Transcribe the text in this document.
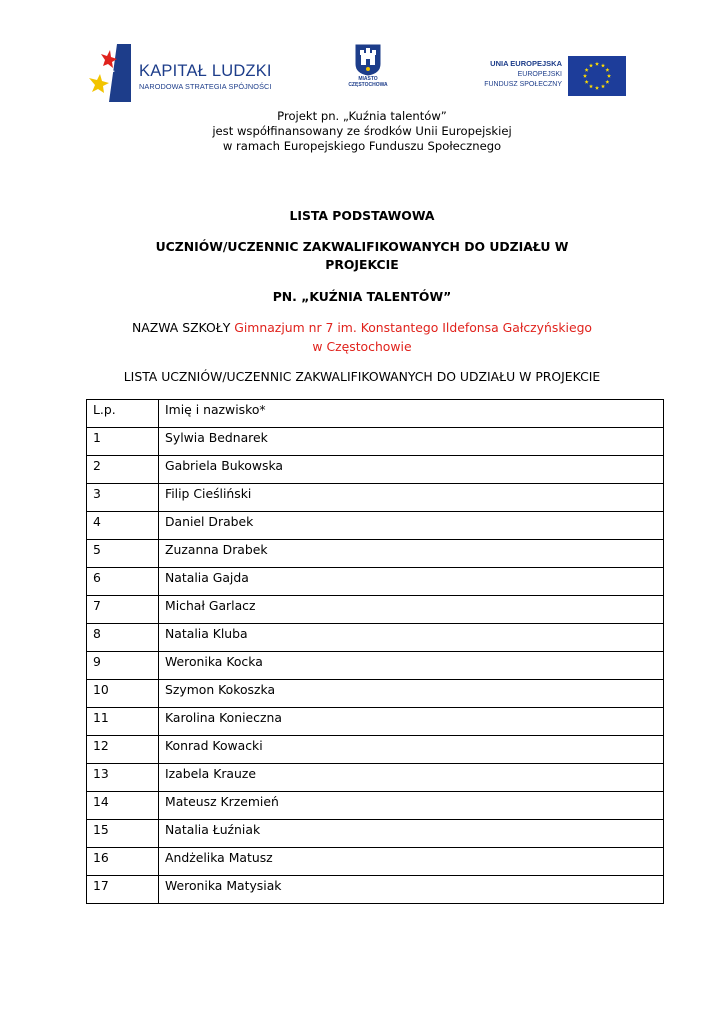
KAPITAŁ LUDZKI
NARODOWA STRATEGIA SPÓJNOŚCI
MIASTO
CZĘSTOCHOWA
UNIA EUROPEJSKA
EUROPEJSKI
FUNDUSZ SPOŁECZNY
Projekt pn. „Kuźnia talentów”
jest współfinansowany ze środków Unii Europejskiej
w ramach Europejskiego Funduszu Społecznego
LISTA PODSTAWOWA
UCZNIÓW/UCZENNIC ZAKWALIFIKOWANYCH DO UDZIAŁU W PROJEKCIE
PN. „KUŹNIA TALENTÓW”
NAZWA SZKOŁY Gimnazjum nr 7 im. Konstantego Ildefonsa Gałczyńskiego
w Częstochowie
LISTA UCZNIÓW/UCZENNIC ZAKWALIFIKOWANYCH DO UDZIAŁU W PROJEKCIE
L.p.	Imię i nazwisko*
1	Sylwia Bednarek
2	Gabriela Bukowska
3	Filip Cieśliński
4	Daniel Drabek
5	Zuzanna Drabek
6	Natalia Gajda
7	Michał Garlacz
8	Natalia Kluba
9	Weronika Kocka
10	Szymon Kokoszka
11	Karolina Konieczna
12	Konrad Kowacki
13	Izabela Krauze
14	Mateusz Krzemień
15	Natalia Łuźniak
16	Andżelika Matusz
17	Weronika Matysiak
